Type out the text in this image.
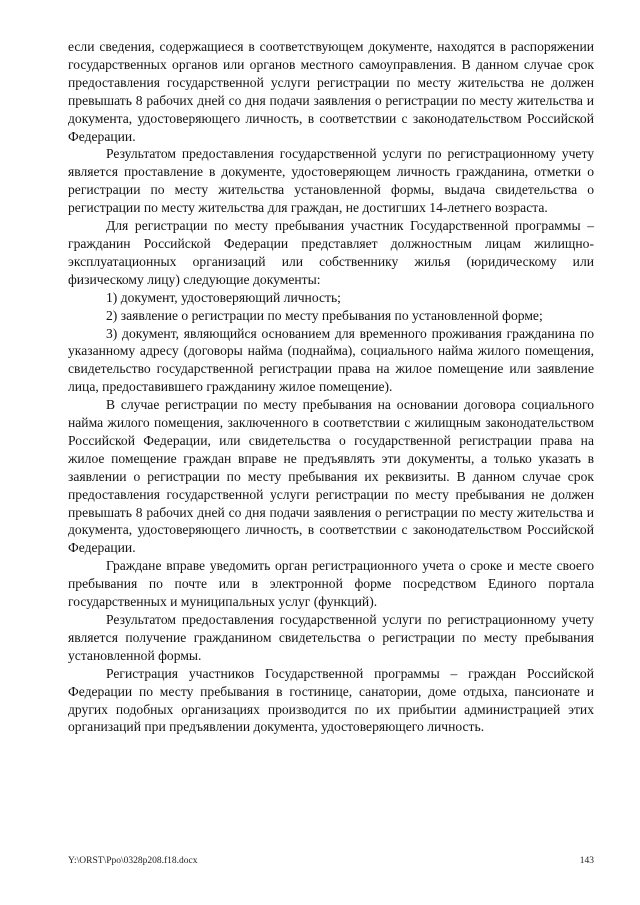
если сведения, содержащиеся в соответствующем документе, находятся в распоряжении государственных органов или органов местного самоуправления. В данном случае срок предоставления государственной услуги регистрации по месту жительства не должен превышать 8 рабочих дней со дня подачи заявления о регистрации по месту жительства и документа, удостоверяющего личность, в соответствии с законодательством Российской Федерации.

Результатом предоставления государственной услуги по регистрационному учету является проставление в документе, удостоверяющем личность гражданина, отметки о регистрации по месту жительства установленной формы, выдача свидетельства о регистрации по месту жительства для граждан, не достигших 14-летнего возраста.

Для регистрации по месту пребывания участник Государственной программы – гражданин Российской Федерации представляет должностным лицам жилищно-эксплуатационных организаций или собственнику жилья (юридическому или физическому лицу) следующие документы:

1) документ, удостоверяющий личность;

2) заявление о регистрации по месту пребывания по установленной форме;

3) документ, являющийся основанием для временного проживания гражданина по указанному адресу (договоры найма (поднайма), социального найма жилого помещения, свидетельство государственной регистрации права на жилое помещение или заявление лица, предоставившего гражданину жилое помещение).

В случае регистрации по месту пребывания на основании договора социального найма жилого помещения, заключенного в соответствии с жилищным законодательством Российской Федерации, или свидетельства о государственной регистрации права на жилое помещение граждан вправе не предъявлять эти документы, а только указать в заявлении о регистрации по месту пребывания их реквизиты. В данном случае срок предоставления государственной услуги регистрации по месту пребывания не должен превышать 8 рабочих дней со дня подачи заявления о регистрации по месту жительства и документа, удостоверяющего личность, в соответствии с законодательством Российской Федерации.

Граждане вправе уведомить орган регистрационного учета о сроке и месте своего пребывания по почте или в электронной форме посредством Единого портала государственных и муниципальных услуг (функций).

Результатом предоставления государственной услуги по регистрационному учету является получение гражданином свидетельства о регистрации по месту пребывания установленной формы.

Регистрация участников Государственной программы – граждан Российской Федерации по месту пребывания в гостинице, санатории, доме отдыха, пансионате и других подобных организациях производится по их прибытии администрацией этих организаций при предъявлении документа, удостоверяющего личность.

Y:\ORST\Ppo\0328p208.f18.docx	143
